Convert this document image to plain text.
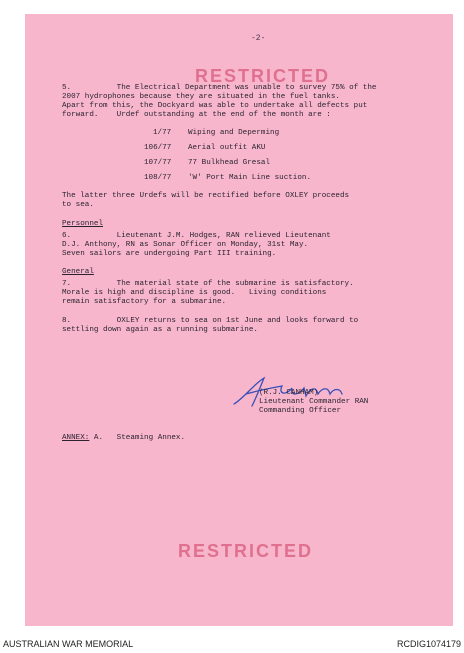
-2-
RESTRICTED
5.          The Electrical Department was unable to survey 75% of the
2007 hydrophones because they are situated in the fuel tanks.
Apart from this, the Dockyard was able to undertake all defects put
forward.    Urdef outstanding at the end of the month are :
1/77 Wiping and Deperming
106/77 Aerial outfit AKU
107/77 77 Bulkhead Gresal
108/77 'W' Port Main Line suction.
The latter three Urdefs will be rectified before OXLEY proceeds
to sea.
Personnel
6.          Lieutenant J.M. Hodges, RAN relieved Lieutenant
D.J. Anthony, RN as Sonar Officer on Monday, 31st May.
Seven sailors are undergoing Part III training.
General
7.          The material state of the submarine is satisfactory.
Morale is high and discipline is good.   Living conditions
remain satisfactory for a submarine.
8.          OXLEY returns to sea on 1st June and looks forward to
settling down again as a running submarine.
(R.J. CANHAM)
Lieutenant Commander RAN
Commanding Officer
ANNEX: A.   Steaming Annex.
RESTRICTED
AUSTRALIAN WAR MEMORIAL	RCDIG1074179
